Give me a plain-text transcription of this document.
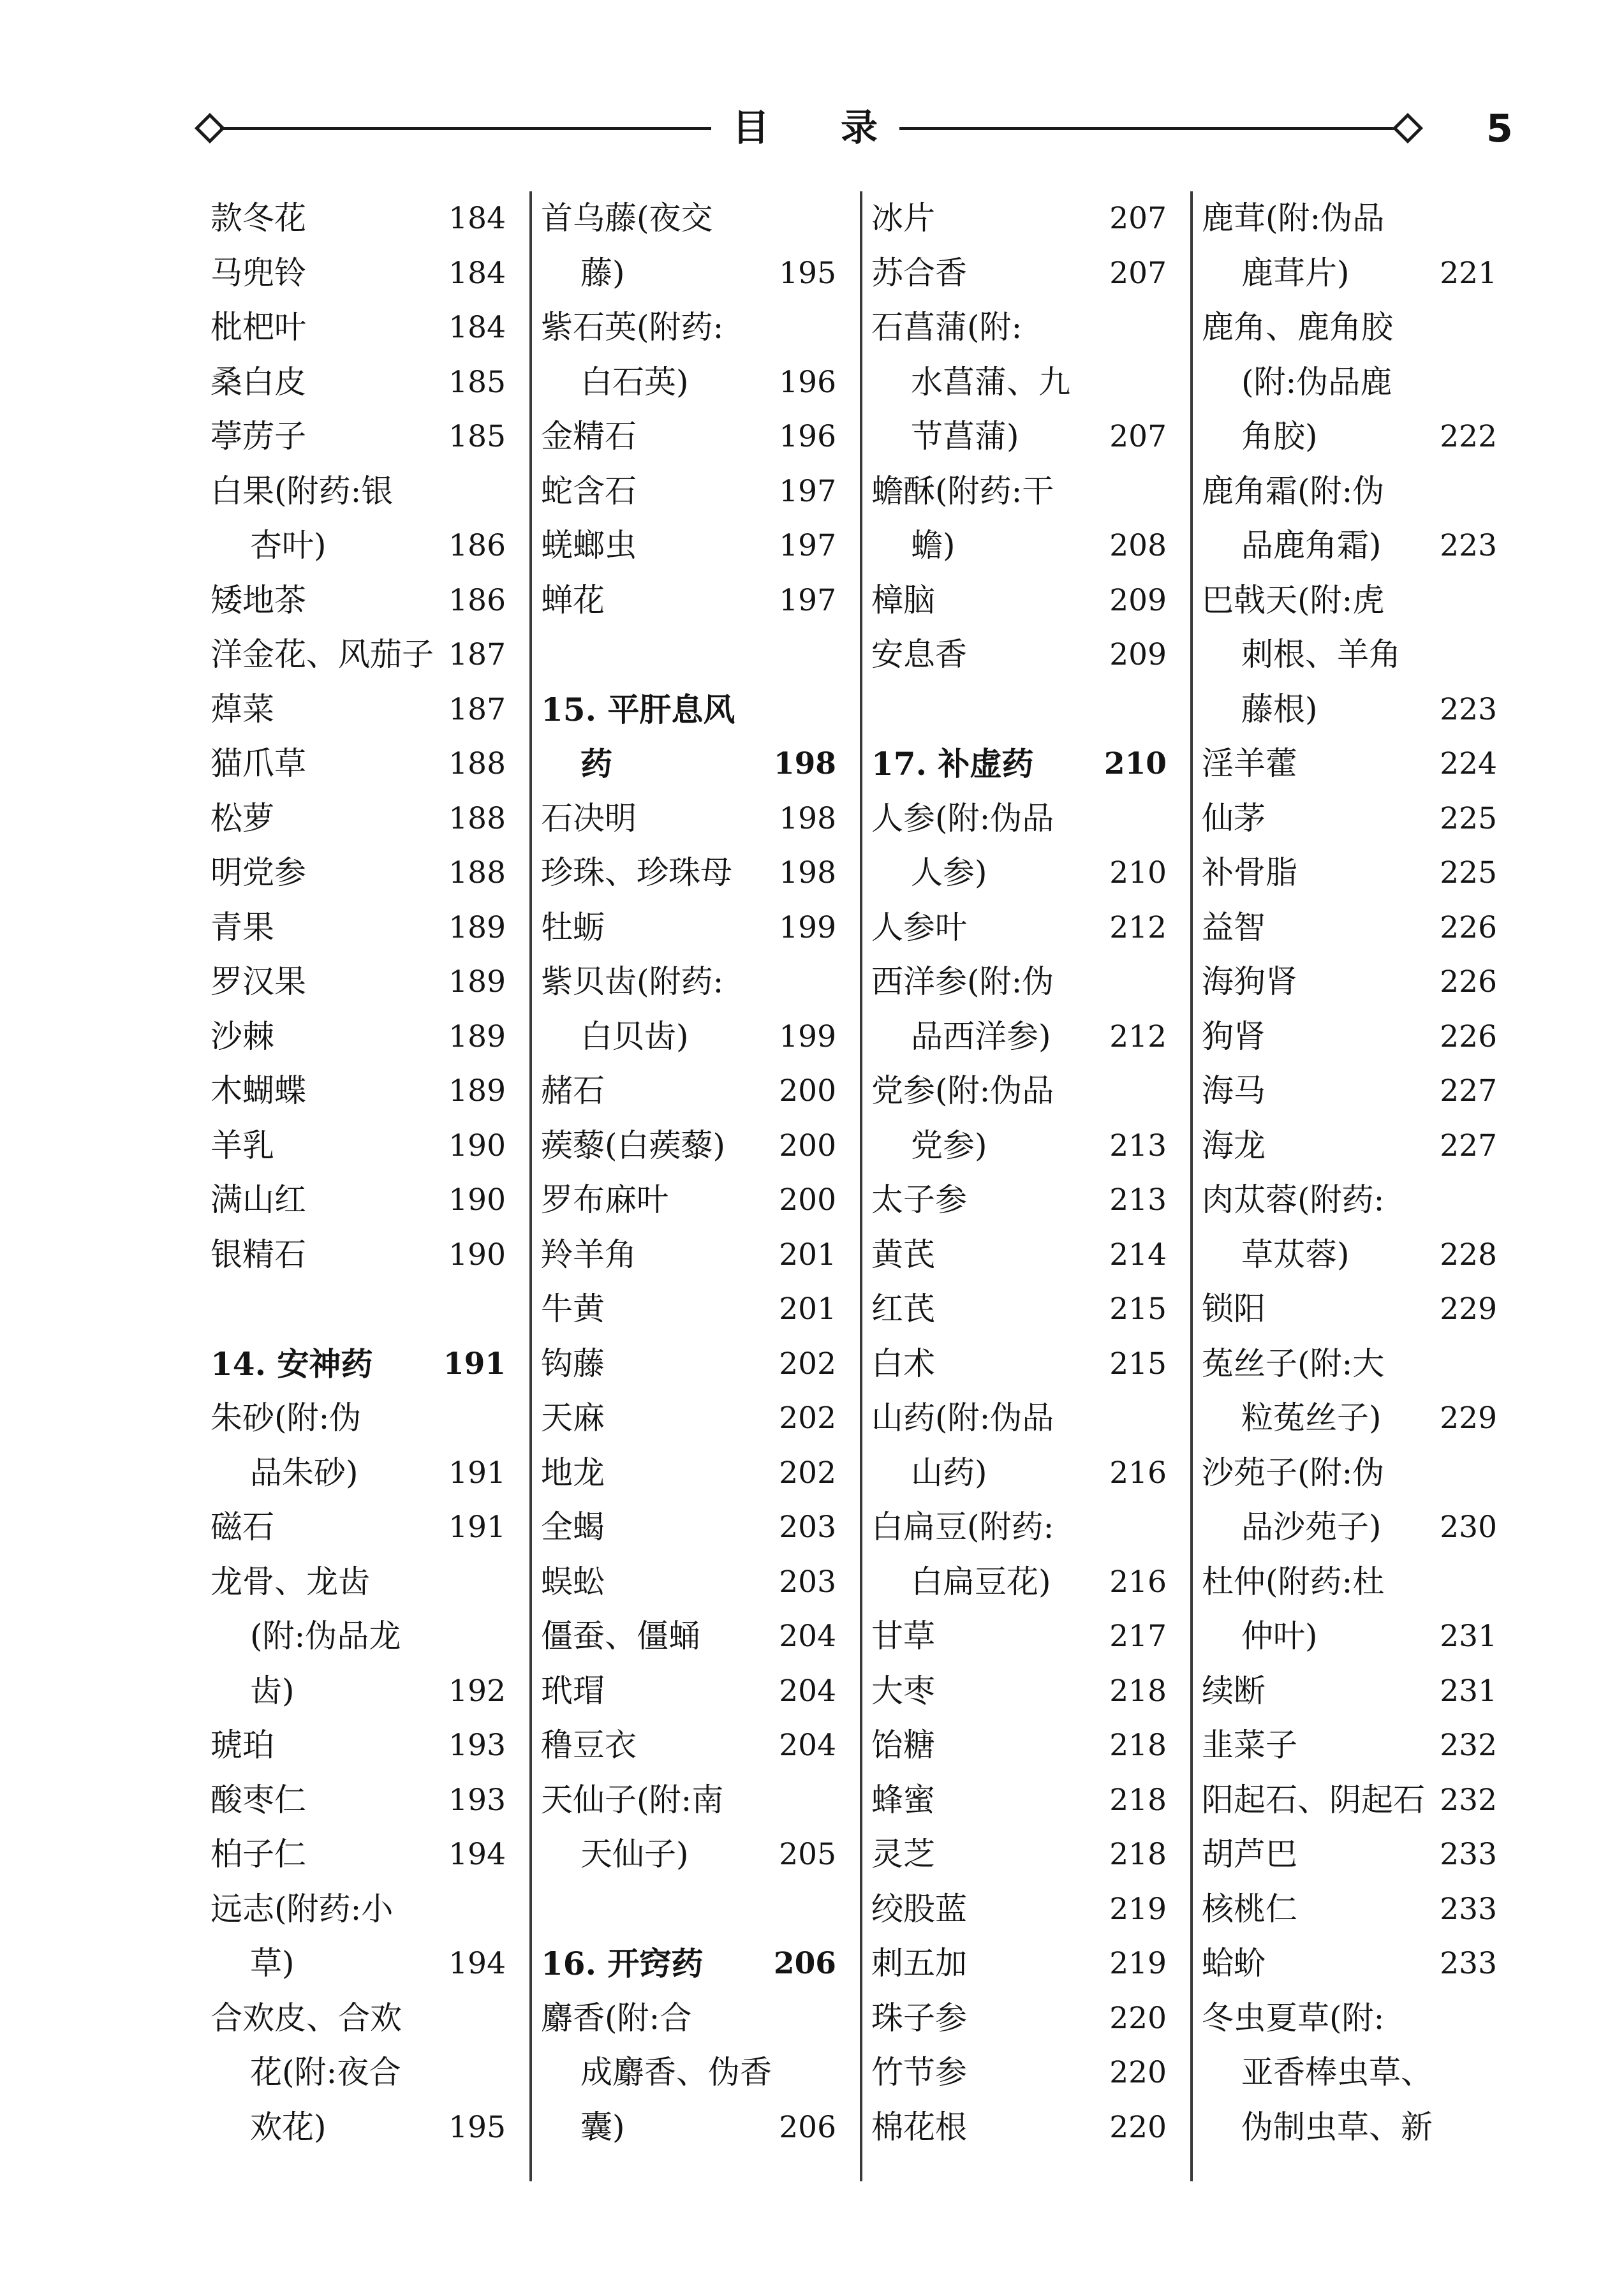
目 录	5
款冬花	184
马兜铃	184
枇杷叶	184
桑白皮	185
葶苈子	185
白果(附药:银
杏叶)	186
矮地茶	186
洋金花、风茄子 187
蔊菜	187
猫爪草	188
松萝	188
明党参	188
青果	189
罗汉果	189
沙棘	189
木蝴蝶	189
羊乳	190
满山红	190
银精石	190
14. 安神药 191
朱砂(附:伪
品朱砂)	191
磁石	191
龙骨、龙齿
(附:伪品龙
齿)	192
琥珀	193
酸枣仁	193
柏子仁	194
远志(附药:小
草)	194
合欢皮、合欢
花(附:夜合
欢花)	195
首乌藤(夜交
藤)	195
紫石英(附药:
白石英)	196
金精石	196
蛇含石	197
蜣螂虫	197
蝉花	197
15. 平肝息风
药	198
石决明	198
珍珠、珍珠母 198
牡蛎	199
紫贝齿(附药:
白贝齿)	199
赭石	200
蒺藜(白蒺藜) 200
罗布麻叶	200
羚羊角	201
牛黄	201
钩藤	202
天麻	202
地龙	202
全蝎	203
蜈蚣	203
僵蚕、僵蛹	204
玳瑁	204
穞豆衣	204
天仙子(附:南
天仙子)	205
16. 开窍药 206
麝香(附:合
成麝香、伪香
囊)	206
冰片	207
苏合香	207
石菖蒲(附:
水菖蒲、九
节菖蒲)	207
蟾酥(附药:干
蟾)	208
樟脑	209
安息香	209
17. 补虚药 210
人参(附:伪品
人参)	210
人参叶	212
西洋参(附:伪
品西洋参) 212
党参(附:伪品
党参)	213
太子参	213
黄芪	214
红芪	215
白术	215
山药(附:伪品
山药)	216
白扁豆(附药:
白扁豆花) 216
甘草	217
大枣	218
饴糖	218
蜂蜜	218
灵芝	218
绞股蓝	219
刺五加	219
珠子参	220
竹节参	220
棉花根	220
鹿茸(附:伪品
鹿茸片)	221
鹿角、鹿角胶
(附:伪品鹿
角胶)	222
鹿角霜(附:伪
品鹿角霜) 223
巴戟天(附:虎
刺根、羊角
藤根)	223
淫羊藿	224
仙茅	225
补骨脂	225
益智	226
海狗肾	226
狗肾	226
海马	227
海龙	227
肉苁蓉(附药:
草苁蓉)	228
锁阳	229
菟丝子(附:大
粒菟丝子) 229
沙苑子(附:伪
品沙苑子) 230
杜仲(附药:杜
仲叶)	231
续断	231
韭菜子	232
阳起石、阴起石 232
胡芦巴	233
核桃仁	233
蛤蚧	233
冬虫夏草(附:
亚香棒虫草、
伪制虫草、新
